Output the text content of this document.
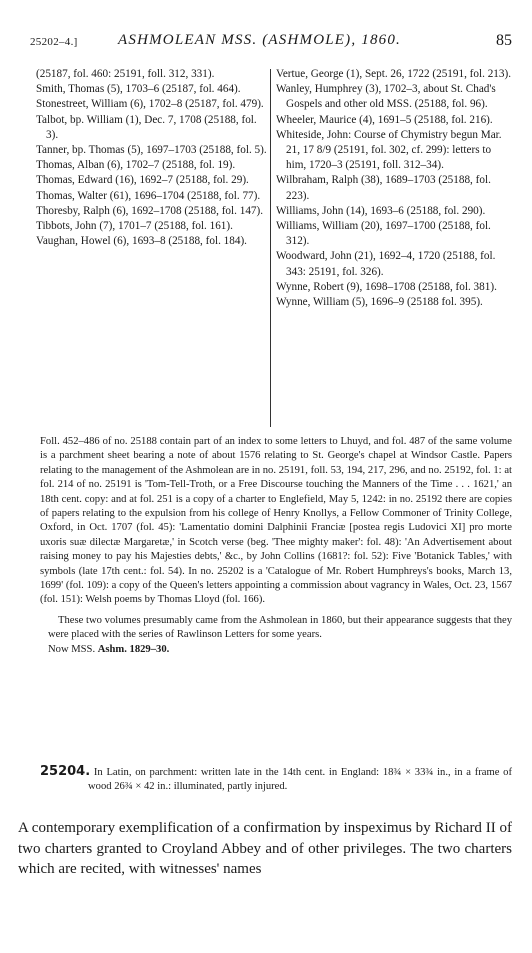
25202–4.]	ASHMOLEAN MSS. (ASHMOLE), 1860.	85

(25187, fol. 460: 25191, foll. 312, 331).

Smith, Thomas (5), 1703–6 (25187, fol. 464).

Stonestreet, William (6), 1702–8 (25187, fol. 479).

Talbot, bp. William (1), Dec. 7, 1708 (25188, fol. 3).

Tanner, bp. Thomas (5), 1697–1703 (25188, fol. 5).

Thomas, Alban (6), 1702–7 (25188, fol. 19).

Thomas, Edward (16), 1692–7 (25188, fol. 29).

Thomas, Walter (61), 1696–1704 (25188, fol. 77).

Thoresby, Ralph (6), 1692–1708 (25188, fol. 147).

Tibbots, John (7), 1701–7 (25188, fol. 161).

Vaughan, Howel (6), 1693–8 (25188, fol. 184).

Vertue, George (1), Sept. 26, 1722 (25191, fol. 213).

Wanley, Humphrey (3), 1702–3, about St. Chad's Gospels and other old MSS. (25188, fol. 96).

Wheeler, Maurice (4), 1691–5 (25188, fol. 216).

Whiteside, John: Course of Chymistry begun Mar. 21, 17 8/9 (25191, fol. 302, cf. 299): letters to him, 1720–3 (25191, foll. 312–34).

Wilbraham, Ralph (38), 1689–1703 (25188, fol. 223).

Williams, John (14), 1693–6 (25188, fol. 290).

Williams, William (20), 1697–1700 (25188, fol. 312).

Woodward, John (21), 1692–4, 1720 (25188, fol. 343: 25191, fol. 326).

Wynne, Robert (9), 1698–1708 (25188, fol. 381).

Wynne, William (5), 1696–9 (25188 fol. 395).

Foll. 452–486 of no. 25188 contain part of an index to some letters to Lhuyd, and fol. 487 of the same volume is a parchment sheet bearing a note of about 1576 relating to St. George's chapel at Windsor Castle. Papers relating to the management of the Ashmolean are in no. 25191, foll. 53, 194, 217, 296, and no. 25192, fol. 1: at fol. 214 of no. 25191 is 'Tom-Tell-Troth, or a Free Discourse touching the Manners of the Time . . . 1621,' an 18th cent. copy: and at fol. 251 is a copy of a charter to Englefield, May 5, 1242: in no. 25192 there are copies of papers relating to the expulsion from his college of Henry Knollys, a Fellow Commoner of Trinity College, Oxford, in Oct. 1707 (fol. 45): 'Lamentatio domini Dalphinii Franciæ [postea regis Ludovici XI] pro morte uxoris suæ dilectæ Margaretæ,' in Scotch verse (beg. 'Thee mighty maker': fol. 48): 'An Advertisement about raising money to pay his Majesties debts,' &c., by John Collins (1681?: fol. 52): Five 'Botanick Tables,' with symbols (late 17th cent.: fol. 54). In no. 25202 is a 'Catalogue of Mr. Robert Humphreys's books, March 13, 1699' (fol. 109): a copy of the Queen's letters appointing a commission about vagrancy in Wales, Oct. 23, 1567 (fol. 151): Welsh poems by Thomas Lloyd (fol. 166).

These two volumes presumably came from the Ashmolean in 1860, but their appearance suggests that they were placed with the series of Rawlinson Letters for some years.

Now MSS. Ashm. 1829–30.

25204. In Latin, on parchment: written late in the 14th cent. in England: 18¾ × 33¾ in., in a frame of wood 26¾ × 42 in.: illuminated, partly injured.

A contemporary exemplification of a confirmation by inspeximus by Richard II of two charters granted to Croyland Abbey and of other privileges. The two charters which are recited, with witnesses' names
